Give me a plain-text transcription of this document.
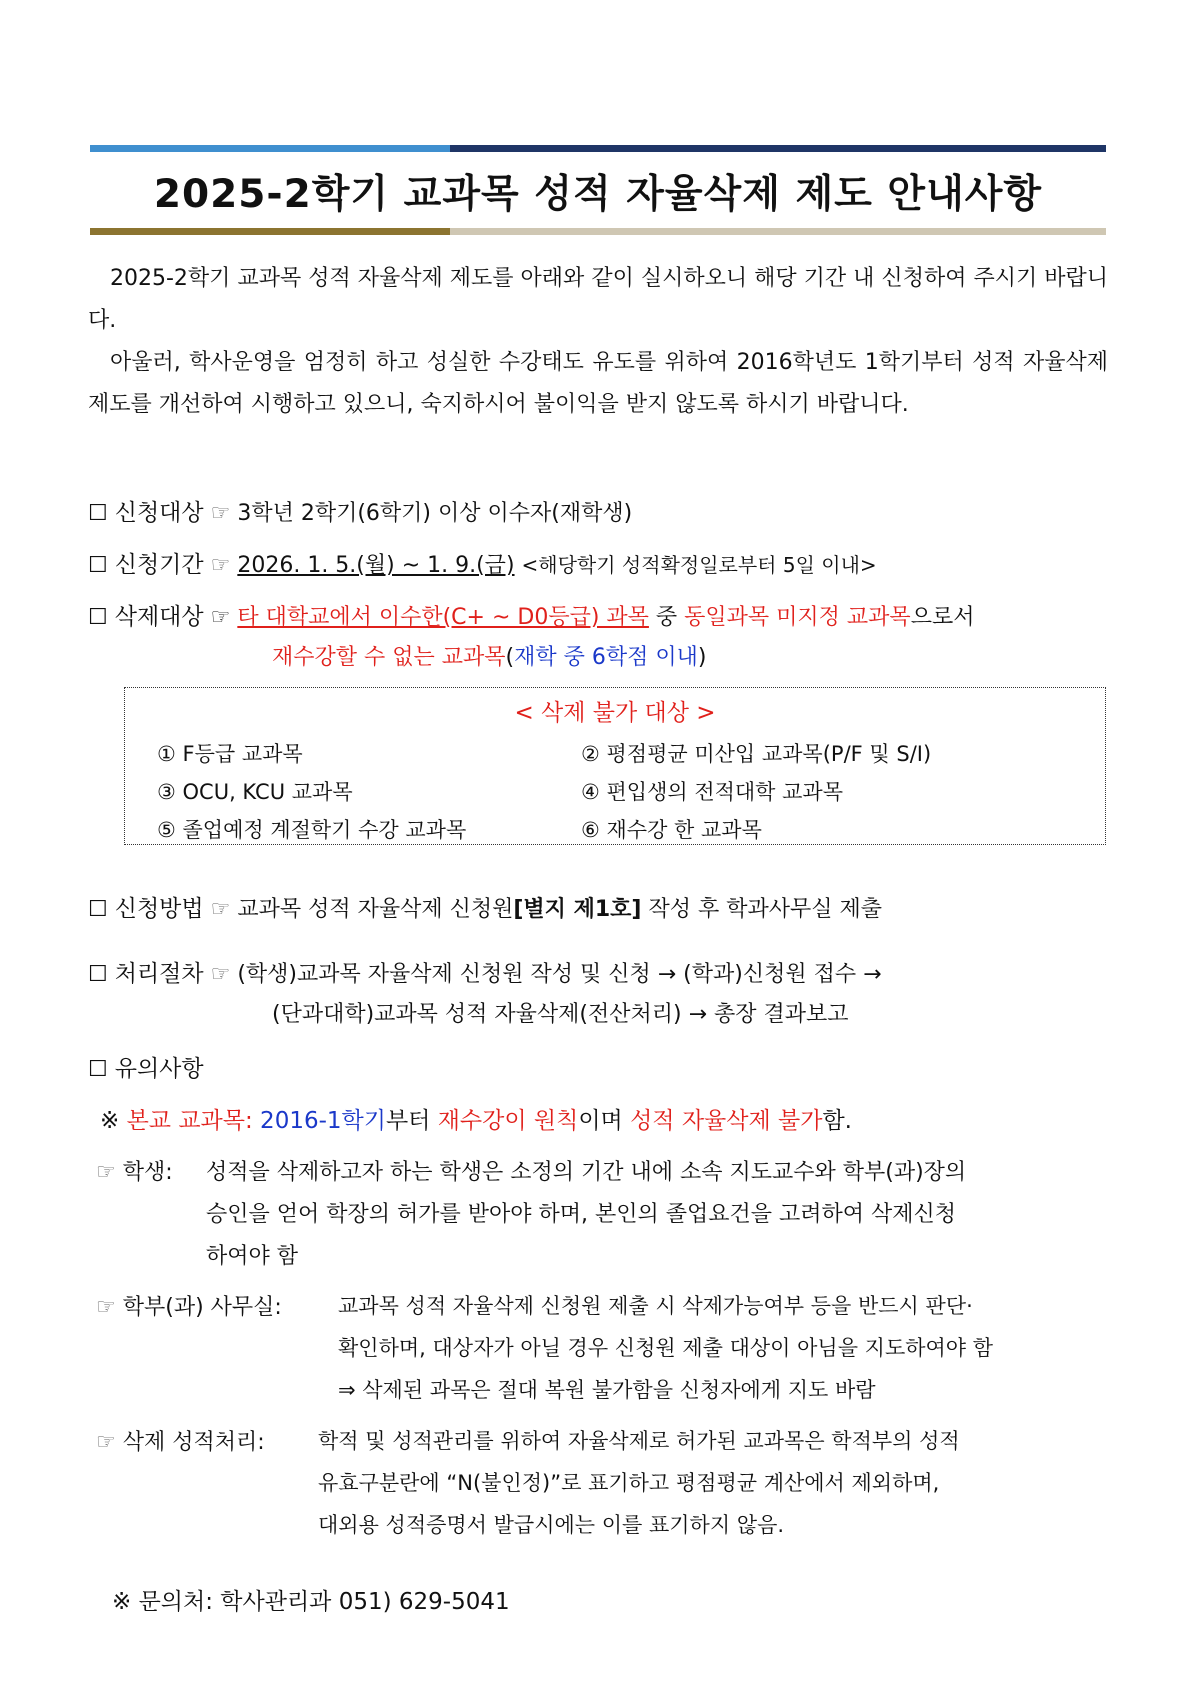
2025-2학기 교과목 성적 자율삭제 제도 안내사항
2025-2학기 교과목 성적 자율삭제 제도를 아래와 같이 실시하오니 해당 기간 내 신청하여 주시기 바랍니다.
아울러, 학사운영을 엄정히 하고 성실한 수강태도 유도를 위하여 2016학년도 1학기부터 성적 자율삭제 제도를 개선하여 시행하고 있으니, 숙지하시어 불이익을 받지 않도록 하시기 바랍니다.
☐ 신청대상 ☞ 3학년 2학기(6학기) 이상 이수자(재학생)
☐ 신청기간 ☞ 2026. 1. 5.(월) ~ 1. 9.(금) <해당학기 성적확정일로부터 5일 이내>
☐ 삭제대상 ☞ 타 대학교에서 이수한(C+ ~ D0등급) 과목 중 동일과목 미지정 교과목으로서
재수강할 수 없는 교과목(재학 중 6학점 이내)
< 삭제 불가 대상 >
① F등급 교과목	② 평점평균 미산입 교과목(P/F 및 S/I)
③ OCU, KCU 교과목	④ 편입생의 전적대학 교과목
⑤ 졸업예정 계절학기 수강 교과목	⑥ 재수강 한 교과목
☐ 신청방법 ☞ 교과목 성적 자율삭제 신청원[별지 제1호] 작성 후 학과사무실 제출
☐ 처리절차 ☞ (학생)교과목 자율삭제 신청원 작성 및 신청 → (학과)신청원 접수 →
(단과대학)교과목 성적 자율삭제(전산처리) → 총장 결과보고
☐ 유의사항
※ 본교 교과목: 2016-1학기부터 재수강이 원칙이며 성적 자율삭제 불가함.
☞ 학생: 성적을 삭제하고자 하는 학생은 소정의 기간 내에 소속 지도교수와 학부(과)장의
승인을 얻어 학장의 허가를 받아야 하며, 본인의 졸업요건을 고려하여 삭제신청
하여야 함
☞ 학부(과) 사무실:	교과목 성적 자율삭제 신청원 제출 시 삭제가능여부 등을 반드시 판단·
확인하며, 대상자가 아닐 경우 신청원 제출 대상이 아님을 지도하여야 함
⇒ 삭제된 과목은 절대 복원 불가함을 신청자에게 지도 바람
☞ 삭제 성적처리:	학적 및 성적관리를 위하여 자율삭제로 허가된 교과목은 학적부의 성적
유효구분란에 “N(불인정)”로 표기하고 평점평균 계산에서 제외하며,
대외용 성적증명서 발급시에는 이를 표기하지 않음.
※ 문의처: 학사관리과 051) 629-5041
